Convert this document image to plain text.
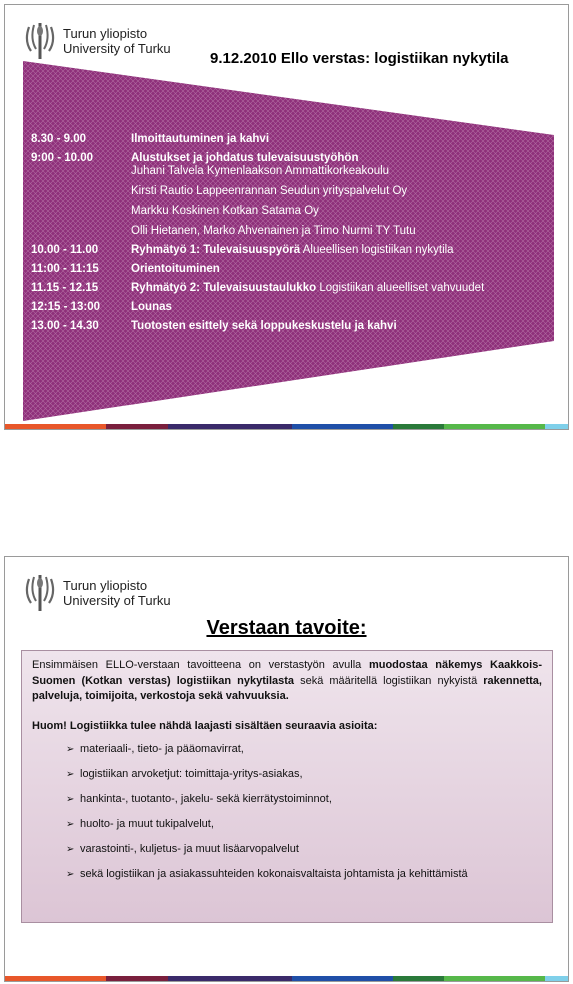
Turun yliopisto
University of Turku
9.12.2010 Ello verstas: logistiikan nykytila
8.30 - 9.00	Ilmoittautuminen ja kahvi
9:00 - 10.00	Alustukset ja johdatus tulevaisuustyöhön
Juhani Talvela Kymenlaakson Ammattikorkeakoulu
Kirsti Rautio Lappeenrannan Seudun yrityspalvelut Oy
Markku Koskinen Kotkan Satama Oy
Olli Hietanen, Marko Ahvenainen ja Timo Nurmi TY Tutu
10.00 - 11.00	Ryhmätyö 1: Tulevaisuuspyörä Alueellisen logistiikan nykytila
11:00 - 11:15	Orientoituminen
11.15 - 12.15	Ryhmätyö 2: Tulevaisuustaulukko Logistiikan alueelliset vahvuudet
12:15 - 13:00	Lounas
13.00 - 14.30	Tuotosten esittely sekä loppukeskustelu ja kahvi
Turun yliopisto
University of Turku
Verstaan tavoite:
Ensimmäisen ELLO-verstaan tavoitteena on verstastyön avulla muodostaa näkemys Kaakkois-Suomen (Kotkan verstas) logistiikan nykytilasta sekä määritellä logistiikan nykyistä rakennetta, palveluja, toimijoita, verkostoja sekä vahvuuksia.
Huom! Logistiikka tulee nähdä laajasti sisältäen seuraavia asioita:
➢ materiaali-, tieto- ja pääomavirrat,
➢ logistiikan arvoketjut: toimittaja-yritys-asiakas,
➢ hankinta-, tuotanto-, jakelu- sekä kierrätystoiminnot,
➢ huolto- ja muut tukipalvelut,
➢ varastointi-, kuljetus- ja muut lisäarvopalvelut
➢ sekä logistiikan ja asiakassuhteiden kokonaisvaltaista johtamista ja kehittämistä
